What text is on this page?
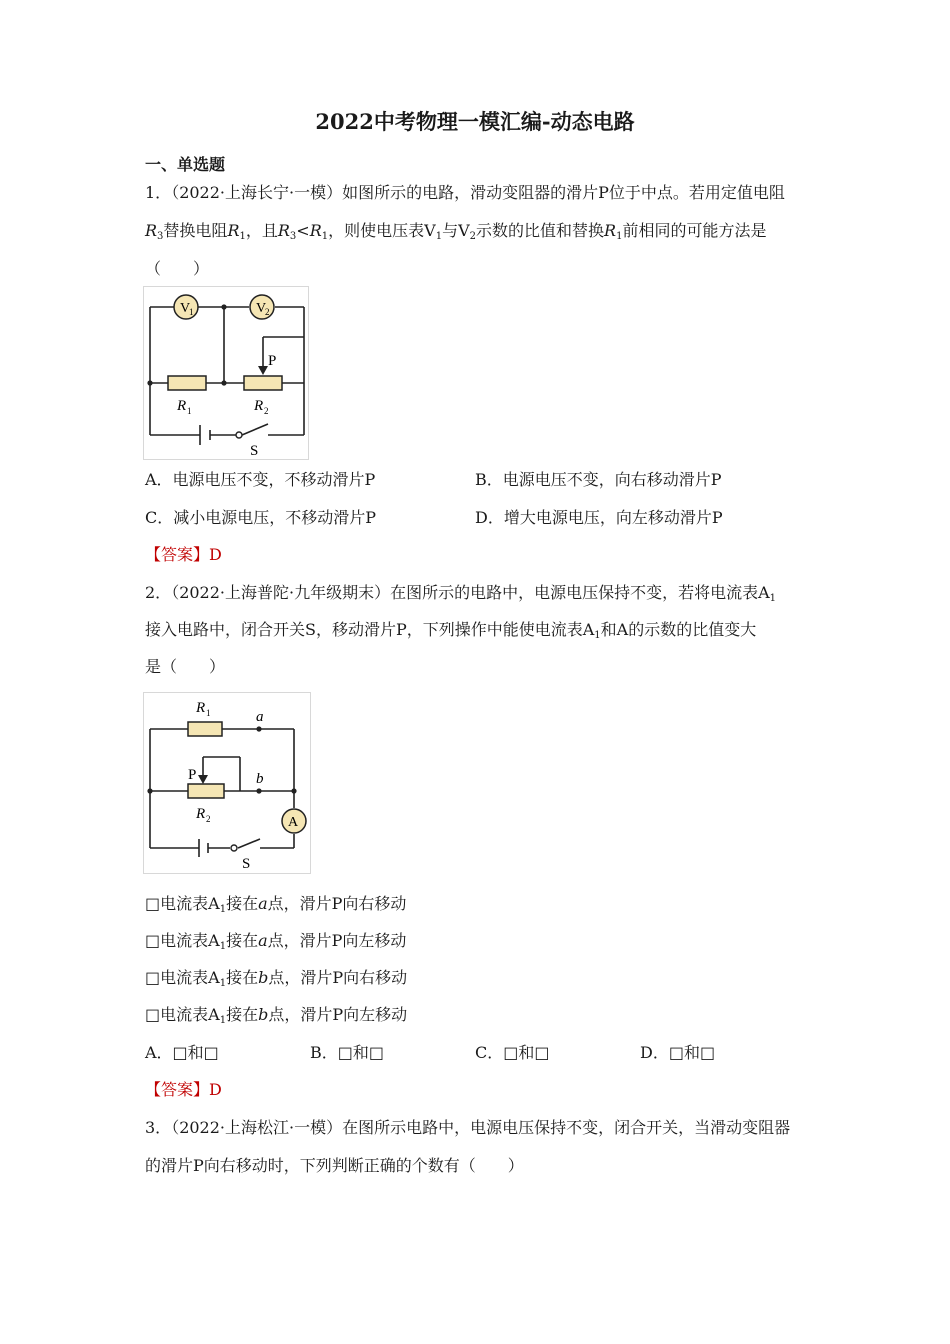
2022中考物理一模汇编-动态电路
一、单选题
1．（2022·上海长宁·一模）如图所示的电路，滑动变阻器的滑片P位于中点。若用定值电阻
$R_3$替换电阻$R_1$，且$R_3<R_1$，则使电压表$V_1$与$V_2$示数的比值和替换$R_1$前相同的可能方法是
（　　）
V
1	V
2
P
R 1	R 2
S
A．电源电压不变，不移动滑片P	B．电源电压不变，向右移动滑片P
C．减小电源电压，不移动滑片P	D．增大电源电压，向左移动滑片P
【答案】D
2．（2022·上海普陀·九年级期末）在图所示的电路中，电源电压保持不变，若将电流表$A_1$
接入电路中，闭合开关S，移动滑片P，下列操作中能使电流表$A_1$和A的示数的比值变大
是（　　）
R 1	a
P	b
R 2	A
S
□电流表$A_1$接在a点，滑片P向右移动
□电流表$A_1$接在a点，滑片P向左移动
□电流表$A_1$接在b点，滑片P向右移动
□电流表$A_1$接在b点，滑片P向左移动
A．□和□	B．□和□	C．□和□	D．□和□
【答案】D
3．（2022·上海松江·一模）在图所示电路中，电源电压保持不变，闭合开关，当滑动变阻器
的滑片P向右移动时，下列判断正确的个数有（　　）
